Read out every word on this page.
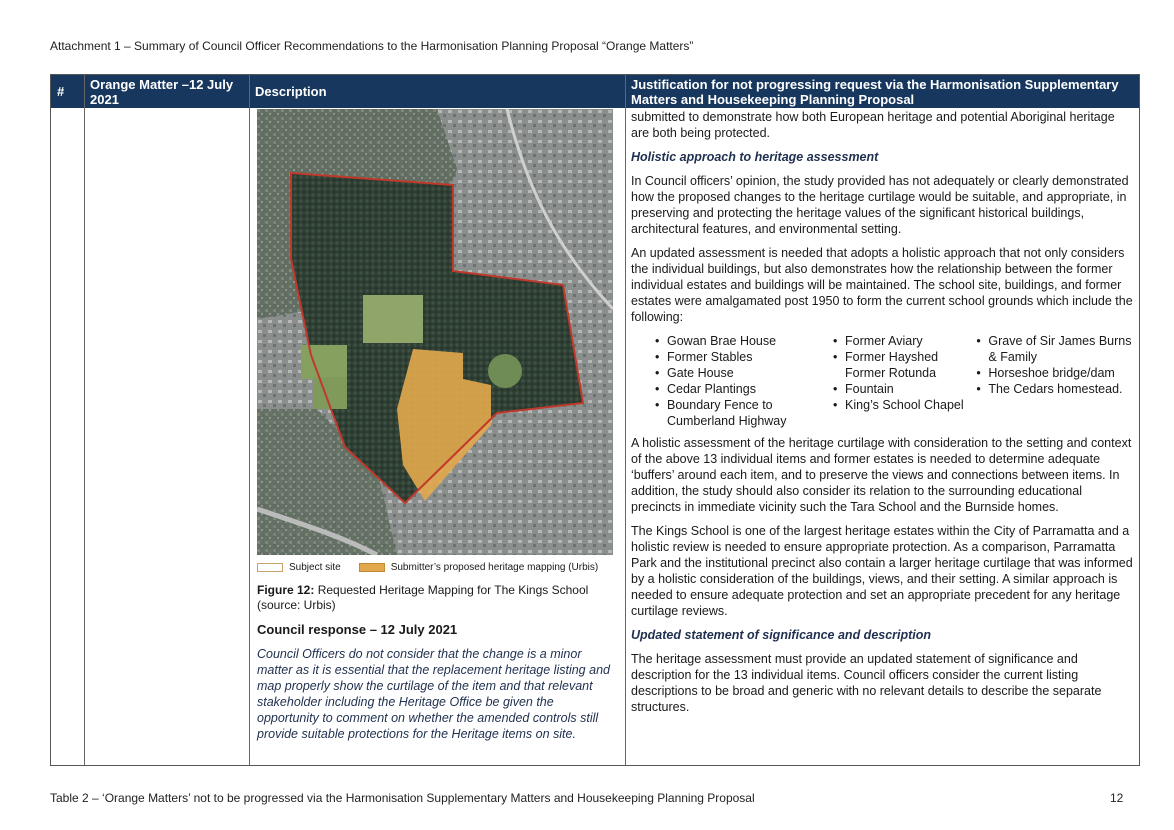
Attachment 1 – Summary of Council Officer Recommendations to the Harmonisation Planning Proposal “Orange Matters”
#	Orange Matter –12 July 2021	Description	Justification for not progressing request via the Harmonisation Supplementary Matters and Housekeeping Planning Proposal
Subject site	Submitter’s proposed heritage mapping (Urbis)
Figure 12: Requested Heritage Mapping for The Kings School (source: Urbis)
Council response – 12 July 2021
Council Officers do not consider that the change is a minor matter as it is essential that the replacement heritage listing and map properly show the curtilage of the item and that relevant stakeholder including the Heritage Office be given the opportunity to comment on whether the amended controls still provide suitable protections for the Heritage items on site.

submitted to demonstrate how both European heritage and potential Aboriginal heritage are both being protected.

Holistic approach to heritage assessment

In Council officers’ opinion, the study provided has not adequately or clearly demonstrated how the proposed changes to the heritage curtilage would be suitable, and appropriate, in preserving and protecting the heritage values of the significant historical buildings, architectural features, and environmental setting.

An updated assessment is needed that adopts a holistic approach that not only considers the individual buildings, but also demonstrates how the relationship between the former individual estates and buildings will be maintained. The school site, buildings, and former estates were amalgamated post 1950 to form the current school grounds which include the following:

• Gowan Brae House
• Former Stables
• Gate House
• Cedar Plantings
• Boundary Fence to Cumberland Highway
• Former Aviary
• Former Hayshed Former Rotunda
• Fountain
• King’s School Chapel
• Grave of Sir James Burns & Family
• Horseshoe bridge/dam
• The Cedars homestead.

A holistic assessment of the heritage curtilage with consideration to the setting and context of the above 13 individual items and former estates is needed to determine adequate ‘buffers’ around each item, and to preserve the views and connections between items. In addition, the study should also consider its relation to the surrounding educational precincts in immediate vicinity such the Tara School and the Burnside homes.

The Kings School is one of the largest heritage estates within the City of Parramatta and a holistic review is needed to ensure appropriate protection. As a comparison, Parramatta Park and the institutional precinct also contain a larger heritage curtilage that was informed by a holistic consideration of the buildings, views, and their setting. A similar approach is needed to ensure adequate protection and set an appropriate precedent for any heritage curtilage reviews.

Updated statement of significance and description

The heritage assessment must provide an updated statement of significance and description for the 13 individual items. Council officers consider the current listing descriptions to be broad and generic with no relevant details to describe the separate structures.

Table 2 – ‘Orange Matters’ not to be progressed via the Harmonisation Supplementary Matters and Housekeeping Planning Proposal	12
